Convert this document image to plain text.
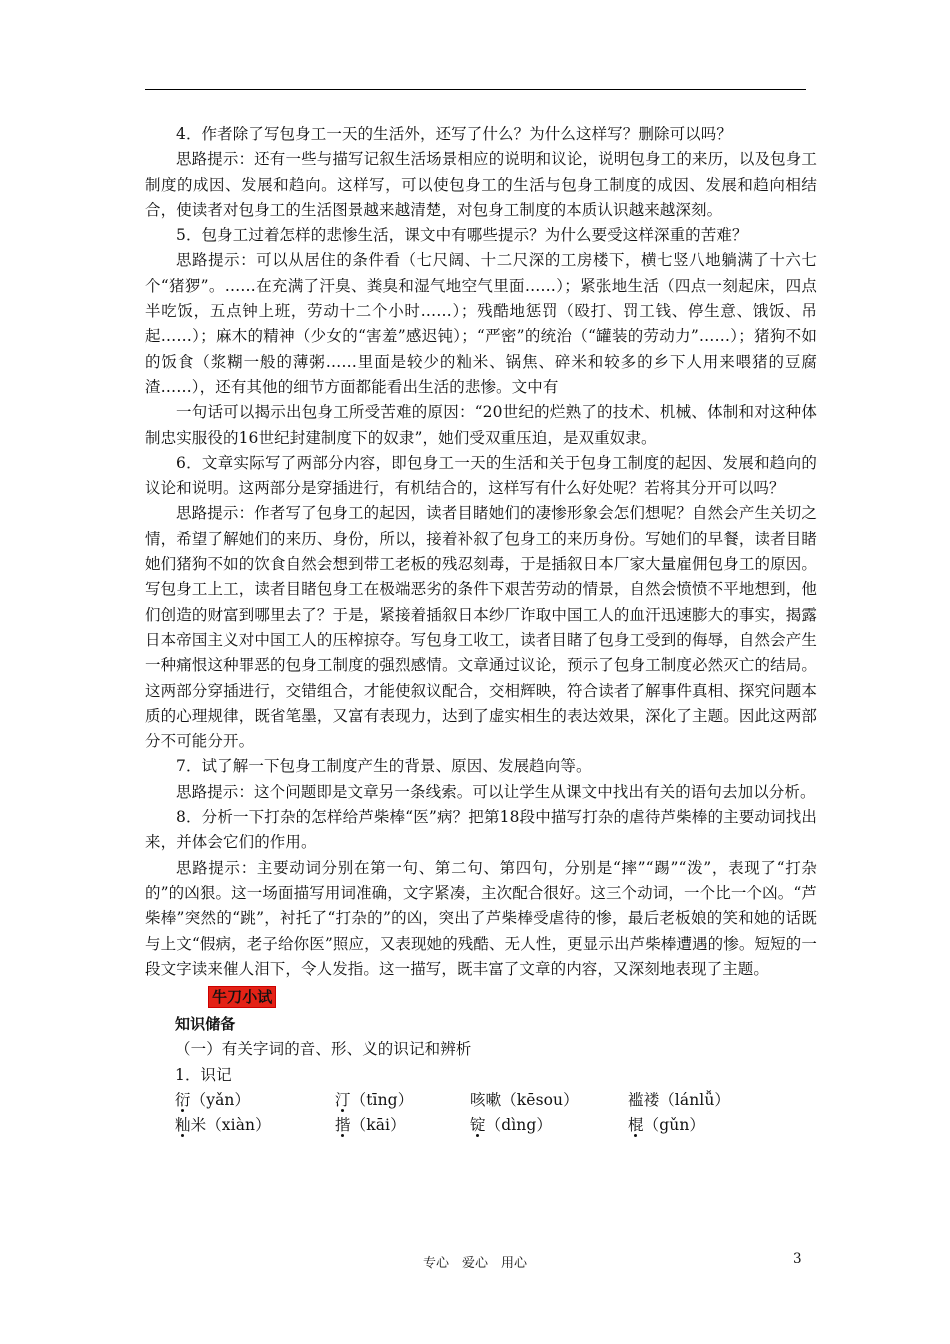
4．作者除了写包身工一天的生活外，还写了什么？为什么这样写？删除可以吗？

思路提示：还有一些与描写记叙生活场景相应的说明和议论，说明包身工的来历，以及包身工制度的成因、发展和趋向。这样写，可以使包身工的生活与包身工制度的成因、发展和趋向相结合，使读者对包身工的生活图景越来越清楚，对包身工制度的本质认识越来越深刻。

5．包身工过着怎样的悲惨生活，课文中有哪些提示？为什么要受这样深重的苦难？

思路提示：可以从居住的条件看（七尺阔、十二尺深的工房楼下，横七竖八地躺满了十六七个“猪猡”。……在充满了汗臭、粪臭和湿气地空气里面……）；紧张地生活（四点一刻起床，四点半吃饭，五点钟上班，劳动十二个小时……）；残酷地惩罚（殴打、罚工钱、停生意、饿饭、吊起……）；麻木的精神（少女的“害羞”感迟钝）；“严密”的统治（“罐装的劳动力”……）；猪狗不如的饭食（浆糊一般的薄粥……里面是较少的籼米、锅焦、碎米和较多的乡下人用来喂猪的豆腐渣……），还有其他的细节方面都能看出生活的悲惨。文中有

一句话可以揭示出包身工所受苦难的原因：“20世纪的烂熟了的技术、机械、体制和对这种体制忠实服役的16世纪封建制度下的奴隶”，她们受双重压迫，是双重奴隶。

6．文章实际写了两部分内容，即包身工一天的生活和关于包身工制度的起因、发展和趋向的议论和说明。这两部分是穿插进行，有机结合的，这样写有什么好处呢？若将其分开可以吗？

思路提示：作者写了包身工的起因，读者目睹她们的凄惨形象会怎们想呢？自然会产生关切之情，希望了解她们的来历、身份，所以，接着补叙了包身工的来历身份。写她们的早餐，读者目睹她们猪狗不如的饮食自然会想到带工老板的残忍刻毒，于是插叙日本厂家大量雇佣包身工的原因。写包身工上工，读者目睹包身工在极端恶劣的条件下艰苦劳动的情景，自然会愤愤不平地想到，他们创造的财富到哪里去了？于是，紧接着插叙日本纱厂诈取中国工人的血汗迅速膨大的事实，揭露日本帝国主义对中国工人的压榨掠夺。写包身工收工，读者目睹了包身工受到的侮辱，自然会产生一种痛恨这种罪恶的包身工制度的强烈感情。文章通过议论，预示了包身工制度必然灭亡的结局。这两部分穿插进行，交错组合，才能使叙议配合，交相辉映，符合读者了解事件真相、探究问题本质的心理规律，既省笔墨，又富有表现力，达到了虚实相生的表达效果，深化了主题。因此这两部分不可能分开。

7．试了解一下包身工制度产生的背景、原因、发展趋向等。

思路提示：这个问题即是文章另一条线索。可以让学生从课文中找出有关的语句去加以分析。

8．分析一下打杂的怎样给芦柴棒“医”病？把第18段中描写打杂的虐待芦柴棒的主要动词找出来，并体会它们的作用。

思路提示：主要动词分别在第一句、第二句、第四句，分别是“摔”“踢”“泼”，表现了“打杂的”的凶狠。这一场面描写用词准确，文字紧凑，主次配合很好。这三个动词，一个比一个凶。“芦柴棒”突然的“跳”，衬托了“打杂的”的凶，突出了芦柴棒受虐待的惨，最后老板娘的笑和她的话既与上文“假病，老子给你医”照应，又表现她的残酷、无人性，更显示出芦柴棒遭遇的惨。短短的一段文字读来催人泪下，令人发指。这一描写，既丰富了文章的内容，又深刻地表现了主题。

牛刀小试

知识储备

（一）有关字词的音、形、义的识记和辨析

1．识记

衍（yǎn）	汀（tīng）	咳嗽（kēsou）	褴褛（lánlǚ）
籼米（xiàn）	揩（kāi）	锭（dìng）	棍（gǔn）
专心　爱心　用心	3
